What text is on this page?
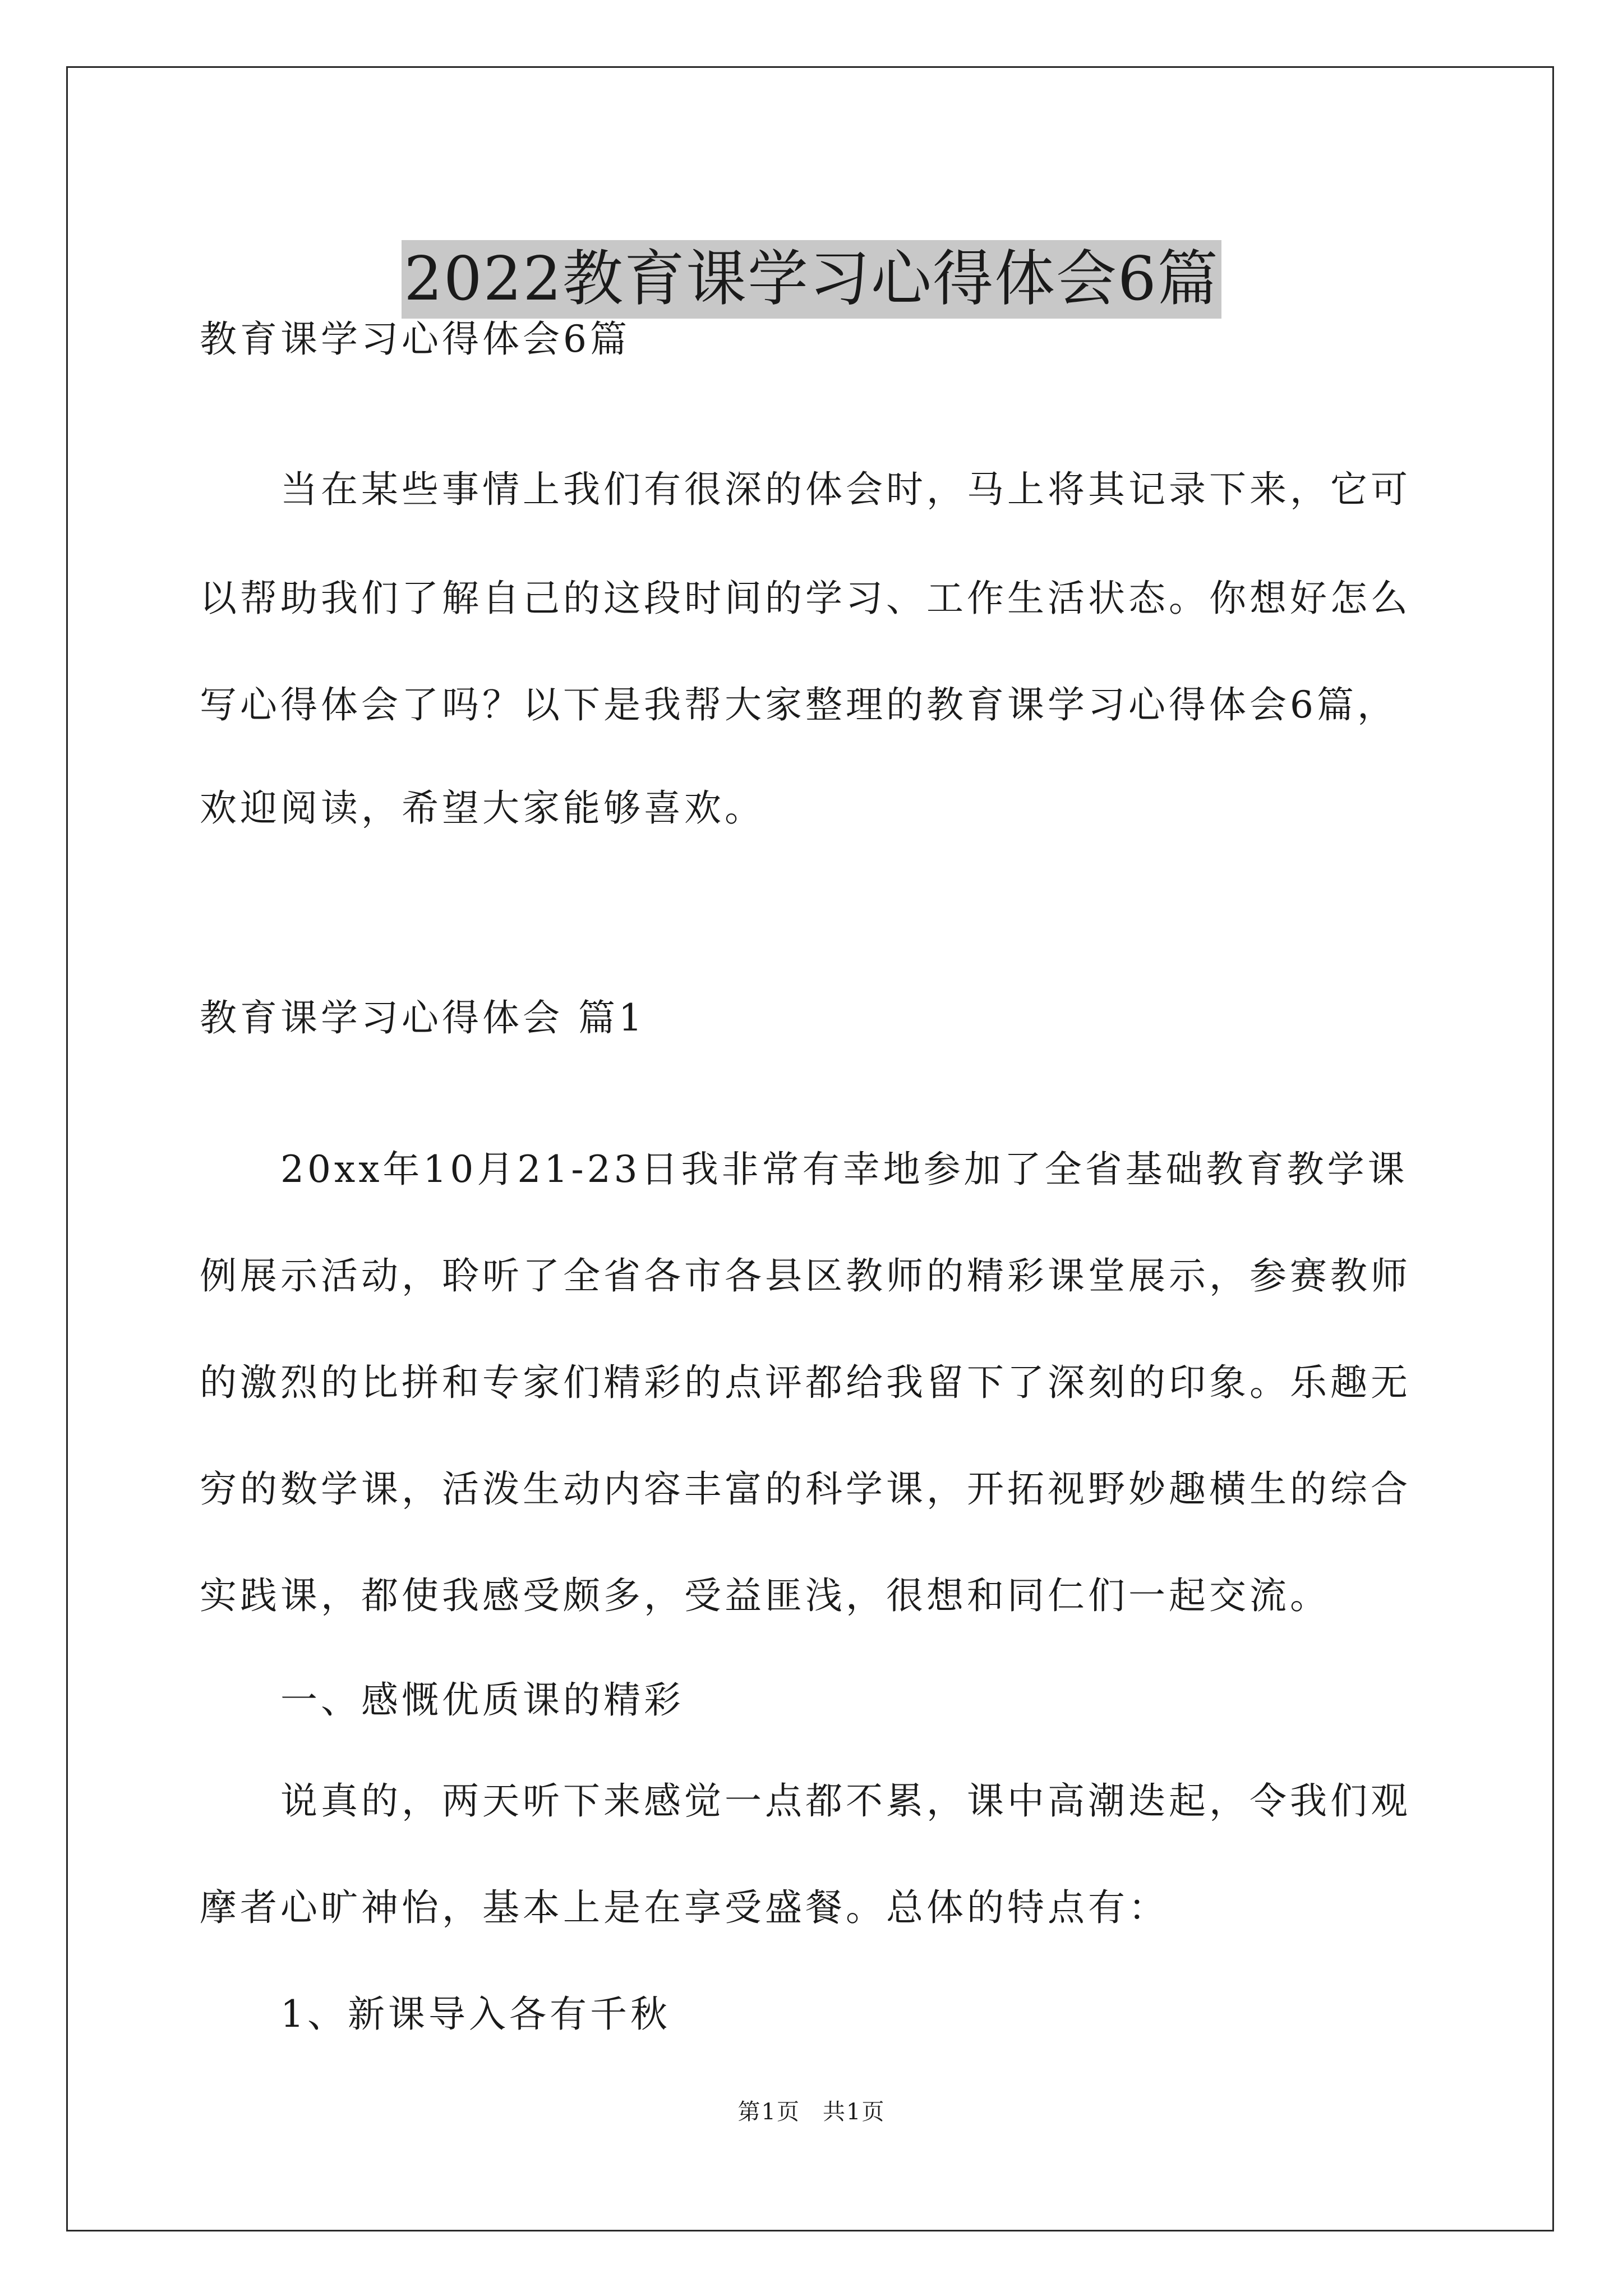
2022教育课学习心得体会6篇
教育课学习心得体会6篇
当在某些事情上我们有很深的体会时，马上将其记录下来，它可
以帮助我们了解自己的这段时间的学习、工作生活状态。你想好怎么
写心得体会了吗？以下是我帮大家整理的教育课学习心得体会6篇，
欢迎阅读，希望大家能够喜欢。
教育课学习心得体会 篇1
20xx年10月21-23日我非常有幸地参加了全省基础教育教学课
例展示活动，聆听了全省各市各县区教师的精彩课堂展示，参赛教师
的激烈的比拼和专家们精彩的点评都给我留下了深刻的印象。乐趣无
穷的数学课，活泼生动内容丰富的科学课，开拓视野妙趣横生的综合
实践课，都使我感受颇多，受益匪浅，很想和同仁们一起交流。
一、感慨优质课的精彩
说真的，两天听下来感觉一点都不累，课中高潮迭起，令我们观
摩者心旷神怡，基本上是在享受盛餐。总体的特点有：
1、新课导入各有千秋
第1页 共1页
